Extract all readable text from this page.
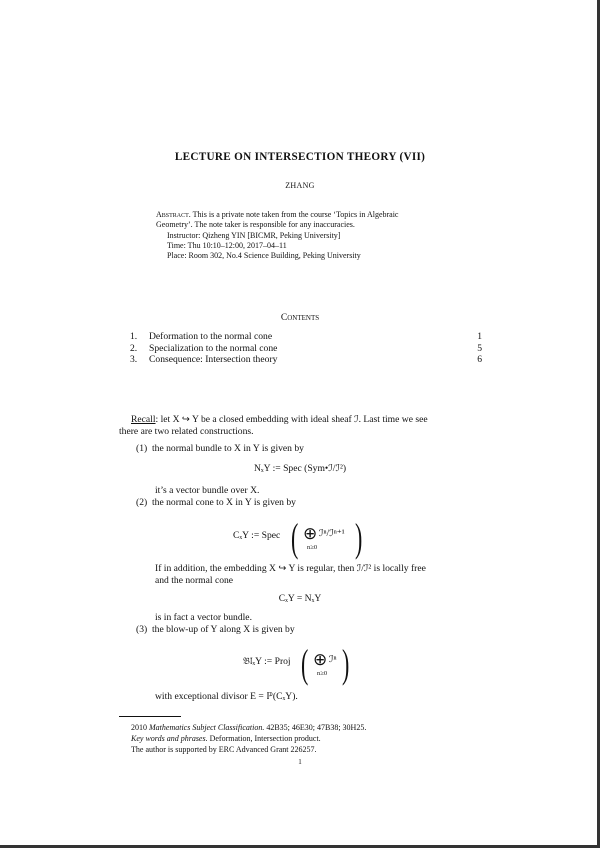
LECTURE ON INTERSECTION THEORY (VII)
ZHANG
Abstract. This is a private note taken from the course ‘Topics in Algebraic
Geometry’. The note taker is responsible for any inaccuracies.
Instructor: Qizheng YIN [BICMR, Peking University]
Time: Thu 10:10–12:00, 2017–04–11
Place: Room 302, No.4 Science Building, Peking University
Contents
1. Deformation to the normal cone	1
2. Specialization to the normal cone	5
3. Consequence: Intersection theory	6
Recall: let X ↪ Y be a closed embedding with ideal sheaf ℐ. Last time we see
there are two related constructions.
(1) the normal bundle to X in Y is given by
NₓY := Spec (Sym•ℐ/ℐ²)
it’s a vector bundle over X.
(2) the normal cone to X in Y is given by
CₓY := Spec ( ⊕
n≥0
ℐⁿ/ℐⁿ⁺¹ )
If in addition, the embedding X ↪ Y is regular, then ℐ/ℐ² is locally free
and the normal cone
CₓY = NₓY
is in fact a vector bundle.
(3) the blow-up of Y along X is given by
𝔅𝔩ₓY := Proj ( ⊕
n≥0
ℐⁿ )
with exceptional divisor E = ℙ(CₓY).
2010 Mathematics Subject Classification. 42B35; 46E30; 47B38; 30H25.
Key words and phrases. Deformation, Intersection product.
The author is supported by ERC Advanced Grant 226257.
1
